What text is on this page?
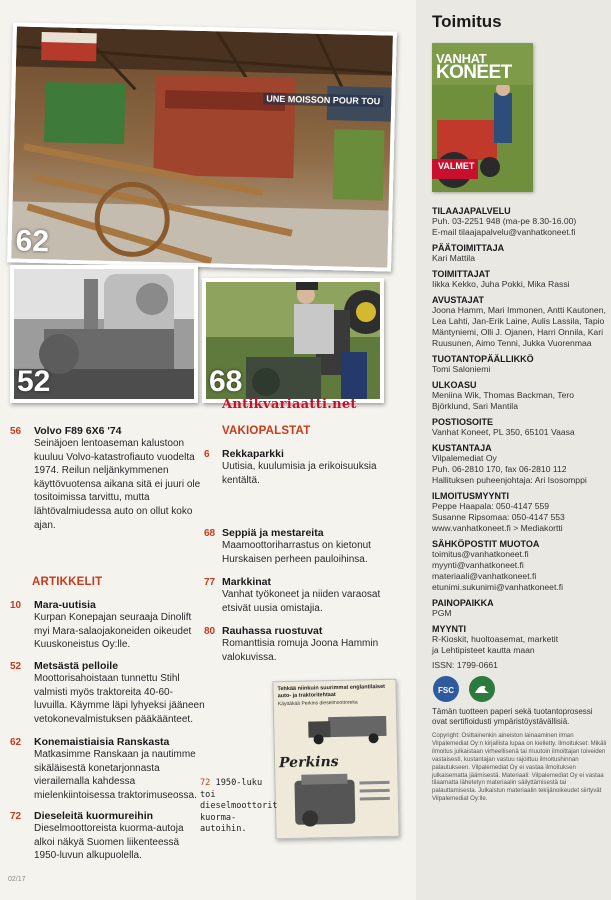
UNE MOISSON POUR TOU
62
52	68
Antikvariaatti.net
56 Volvo F89 6X6 '74
Seinäjoen lentoaseman kalustoon kuuluu Volvo-katastrofiauto vuodelta 1974. Reilun neljänkymmenen käyttövuotensa aikana sitä ei juuri ole tositoimissa tarvittu, mutta lähtövalmiudessa auto on ollut koko ajan.
ARTIKKELIT
10 Mara-uutisia
Kurpan Konepajan seuraaja Dinolift myi Mara-salaojakoneiden oikeudet Kuuskoneistus Oy:lle.
52 Metsästä pelloile
Moottorisahoistaan tunnettu Stihl valmisti myös traktoreita 40-60-luvuilla. Käymme läpi lyhyeksi jääneen vetokonevalmistuksen pääkäänteet.
62 Konemaistiaisia Ranskasta
Matkasimme Ranskaan ja nautimme sikäläisestä konetarjonnasta vierailemalla kahdessa mielenkiintoisessa traktorimuseossa.
72 Dieseleitä kuormureihin
Dieselmoottoreista kuorma-autoja alkoi näkyä Suomen liikenteessä 1950-luvun alkupuolella.
VAKIOPALSTAT
6 Rekkaparkki
Uutisia, kuulumisia ja erikoisuuksia kentältä.
68 Seppiä ja mestareita
Maamoottoriharrastus on kietonut Hurskaisen perheen pauloihinsa.
77 Markkinat
Vanhat työkoneet ja niiden varaosat etsivät uusia omistajia.
80 Rauhassa ruostuvat
Romanttisia romuja Joona Hammin valokuvissa.
Tehkää niinkuin suurimmat englantilaiset auto- ja traktoritehtaat
Käyttäkää Perkins dieselmoottoreita
Perkins
72 1950-luku toi dieselmoottorit kuorma-autoihin.
Toimitus
VANHAT
KONEET
VALMET
TILAAJAPALVELU
Puh. 03-2251 948 (ma-pe 8.30-16.00)
E-mail tilaajapalvelu@vanhatkoneet.fi
PÄÄTOIMITTAJA
Kari Mattila
TOIMITTAJAT
Iikka Kekko, Juha Pokki, Mika Rassi
AVUSTAJAT
Joona Hamm, Mari Immonen, Antti Kautonen, Lea Lahti, Jan-Erik Laine, Aulis Lassila, Tapio Mäntyniemi, Olli J. Ojanen, Harri Onnila, Kari Ruusunen, Aimo Tenni, Jukka Vuorenmaa
TUOTANTOPÄÄLLIKKÖ
Tomi Saloniemi
ULKOASU
Meniina Wik, Thomas Backman, Tero Björklund, Sari Mantila
POSTIOSOITE
Vanhat Koneet, PL 350, 65101 Vaasa
KUSTANTAJA
Vilpalemediat Oy
Puh. 06-2810 170, fax 06-2810 112
Hallituksen puheenjohtaja: Ari Isosomppi
ILMOITUSMYYNTI
Peppe Haapala: 050-4147 559
Susanne Ripsomaa: 050-4147 553
www.vanhatkoneet.fi > Mediakortti
SÄHKÖPOSTIT MUOTOA
toimitus@vanhatkoneet.fi
myynti@vanhatkoneet.fi
materiaali@vanhatkoneet.fi
etunimi.sukunimi@vanhatkoneet.fi
PAINOPAIKKA
PGM
MYYNTI
R-Kioskit, huoltoasemat, marketit
ja Lehtipisteet kautta maan
ISSN: 1799-0661
FSC
Tämän tuotteen paperi sekä tuotantoprosessi ovat sertifioidusti ympäristöystävällisiä.
Copyright: Osittainenkin aineiston lainaaminen ilman Vilpalemediat Oy:n kirjallista lupaa on kielletty. Ilmoitukset: Mikäli ilmoitus julkaistaan virheellisenä tai muutoin ilmoittajan toiveiden vastaisesti, kustantajan vastuu rajoittuu ilmoitushinnan palautukseen. Vilpalemediat Oy ei vastaa ilmoituksen julkaisematta jäämisestä. Materiaali: Vilpalemediat Oy ei vastaa tilaamatta lähetetyn materiaalin säilyttämisestä tai palauttamisesta. Julkaistun materiaalin tekijänoikeudet siirtyvät Vilpalemediat Oy:lle.
02/17
